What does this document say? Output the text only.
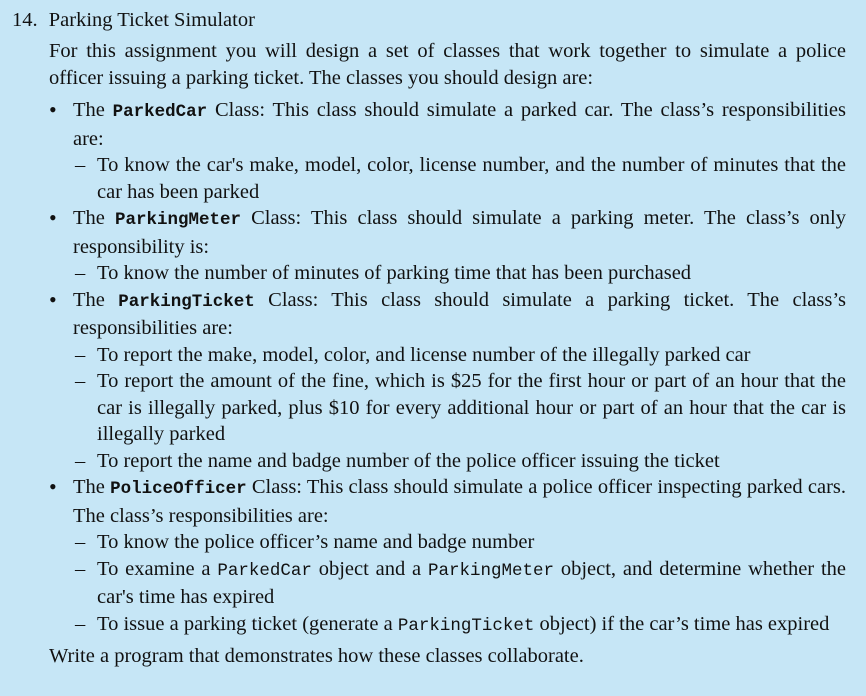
14. Parking Ticket Simulator
For this assignment you will design a set of classes that work together to simulate a police officer issuing a parking ticket. The classes you should design are:
• The ParkedCar Class: This class should simulate a parked car. The class’s responsibilities are:
– To know the car's make, model, color, license number, and the number of minutes that the car has been parked
• The ParkingMeter Class: This class should simulate a parking meter. The class’s only responsibility is:
– To know the number of minutes of parking time that has been purchased
• The ParkingTicket Class: This class should simulate a parking ticket. The class’s responsibilities are:
– To report the make, model, color, and license number of the illegally parked car
– To report the amount of the fine, which is $25 for the first hour or part of an hour that the car is illegally parked, plus $10 for every additional hour or part of an hour that the car is illegally parked
– To report the name and badge number of the police officer issuing the ticket
• The PoliceOfficer Class: This class should simulate a police officer inspecting parked cars. The class’s responsibilities are:
– To know the police officer’s name and badge number
– To examine a ParkedCar object and a ParkingMeter object, and determine whether the car's time has expired
– To issue a parking ticket (generate a ParkingTicket object) if the car’s time has expired
Write a program that demonstrates how these classes collaborate.
